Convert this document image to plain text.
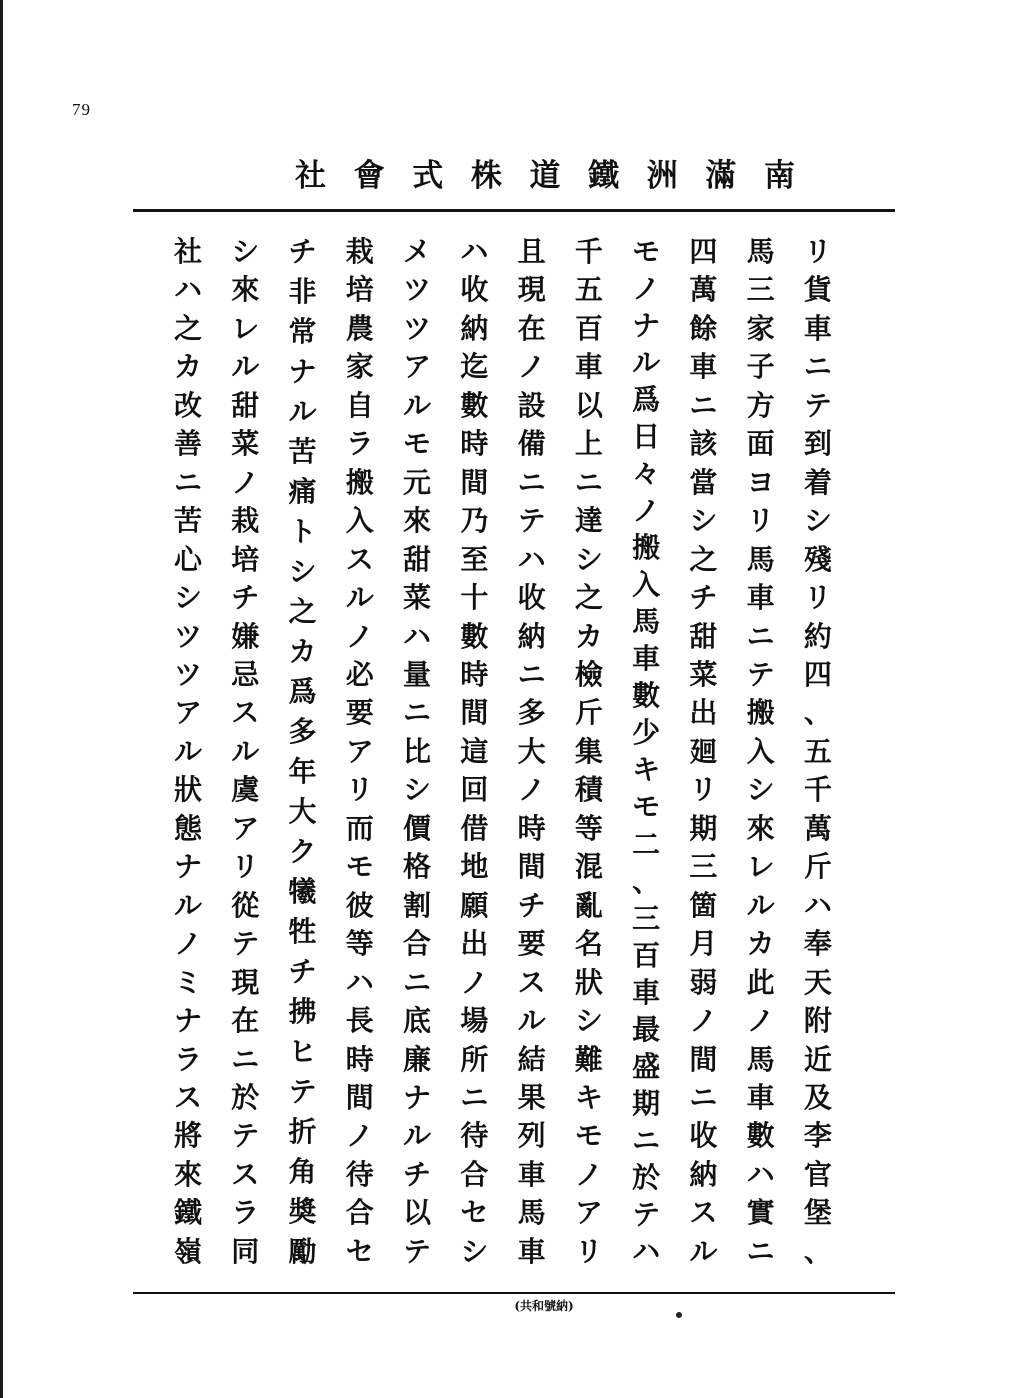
79
南
滿
洲
鐵
道
株
式
會
社
リ
貨
車
ニ
テ
到
着
シ
殘
リ
約
四
、
五
千
萬
斤
ハ
奉
天
附
近
及
李
官
堡
、
馬
三
家
子
方
面
ヨ
リ
馬
車
ニ
テ
搬
入
シ
來
レ
ル
カ
此
ノ
馬
車
數
ハ
實
ニ
四
萬
餘
車
ニ
該
當
シ
之
チ
甜
菜
出
廻
リ
期
三
箇
月
弱
ノ
間
ニ
收
納
ス
ル
モ
ノ
ナ
ル
爲
日
々
ノ
搬
入
馬
車
數
少
キ
モ
二
、
三
百
車
最
盛
期
ニ
於
テ
ハ
千
五
百
車
以
上
ニ
達
シ
之
カ
檢
斤
集
積
等
混
亂
名
狀
シ
難
キ
モ
ノ
ア
リ
且
現
在
ノ
設
備
ニ
テ
ハ
收
納
ニ
多
大
ノ
時
間
チ
要
ス
ル
結
果
列
車
馬
車
ハ
收
納
迄
數
時
間
乃
至
十
數
時
間
這
回
借
地
願
出
ノ
場
所
ニ
待
合
セ
シ
メ
ツ
ツ
ア
ル
モ
元
來
甜
菜
ハ
量
ニ
比
シ
價
格
割
合
ニ
底
廉
ナ
ル
チ
以
テ
栽
培
農
家
自
ラ
搬
入
ス
ル
ノ
必
要
ア
リ
而
モ
彼
等
ハ
長
時
間
ノ
待
合
セ
チ
非
常
ナ
ル
苦
痛
ト
シ
之
カ
爲
多
年
大
ク
犧
牲
チ
拂
ヒ
テ
折
角
奬
勵
シ
來
レ
ル
甜
菜
ノ
栽
培
チ
嫌
忌
ス
ル
虞
ア
リ
從
テ
現
在
ニ
於
テ
ス
ラ
同
社
ハ
之
カ
改
善
ニ
苦
心
シ
ツ
ツ
ア
ル
狀
態
ナ
ル
ノ
ミ
ナ
ラ
ス
將
來
鐵
嶺
(共和號納)
